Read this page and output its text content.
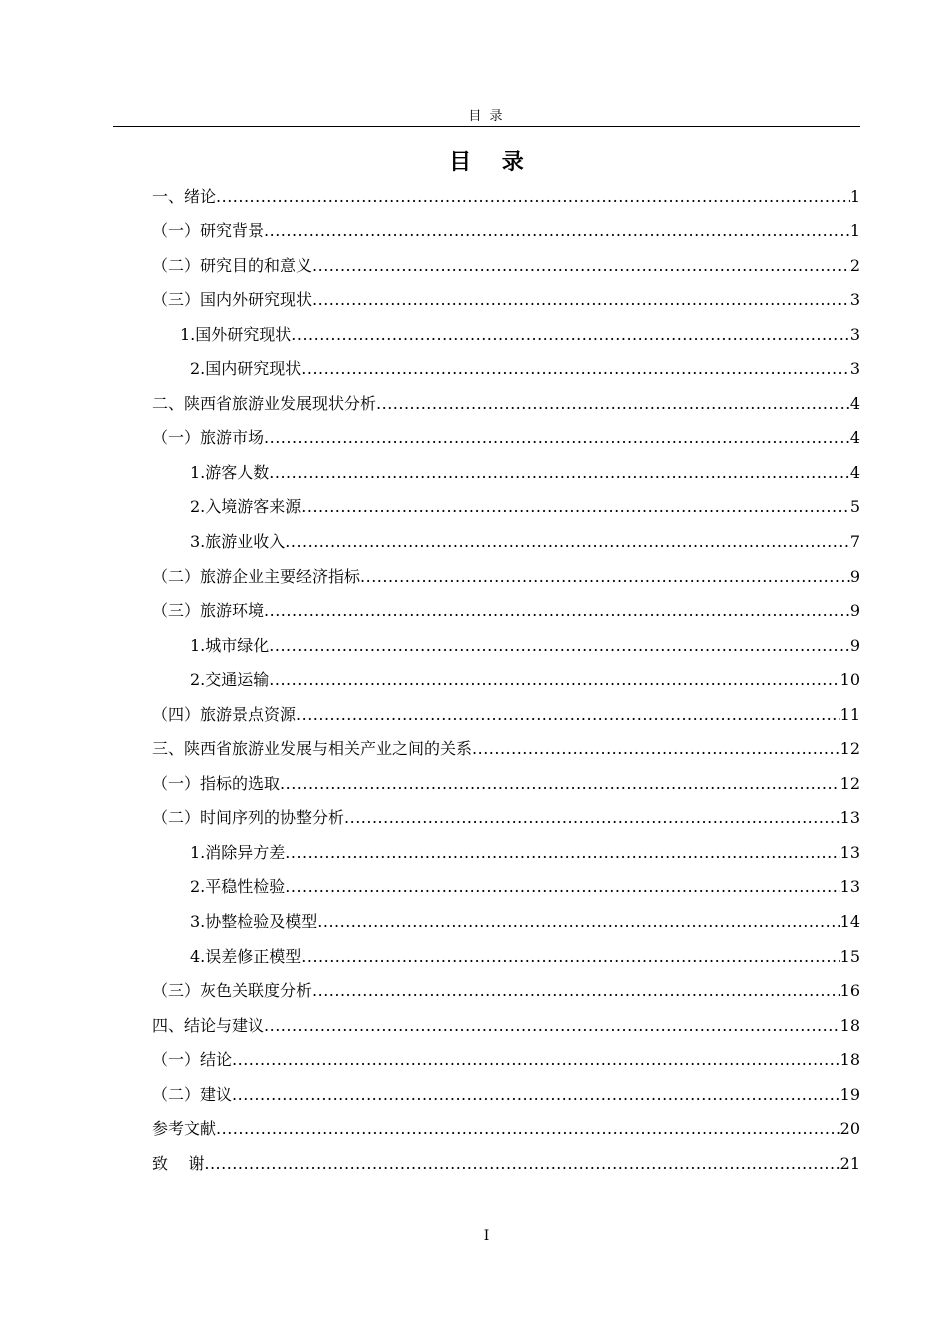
目 录
目    录
一、绪论 .....	1
（一）研究背景 .....	1
（二）研究目的和意义 .....	2
（三）国内外研究现状 .....	3
1.国外研究现状 .....	3
2.国内研究现状 .....	3
二、陕西省旅游业发展现状分析 .....	4
（一）旅游市场 .....	4
1.游客人数 .....	4
2.入境游客来源 .....	5
3.旅游业收入 .....	7
（二）旅游企业主要经济指标 .....	9
（三）旅游环境 .....	9
1.城市绿化 .....	9
2.交通运输 .....	10
（四）旅游景点资源 .....	11
三、陕西省旅游业发展与相关产业之间的关系 .....	12
（一）指标的选取 .....	12
（二）时间序列的协整分析 .....	13
1.消除异方差 .....	13
2.平稳性检验 .....	13
3.协整检验及模型 .....	14
4.误差修正模型 .....	15
（三）灰色关联度分析 .....	16
四、结论与建议 .....	18
（一）结论 .....	18
（二）建议 .....	19
参考文献 .....	20
致    谢 .....	21
I
